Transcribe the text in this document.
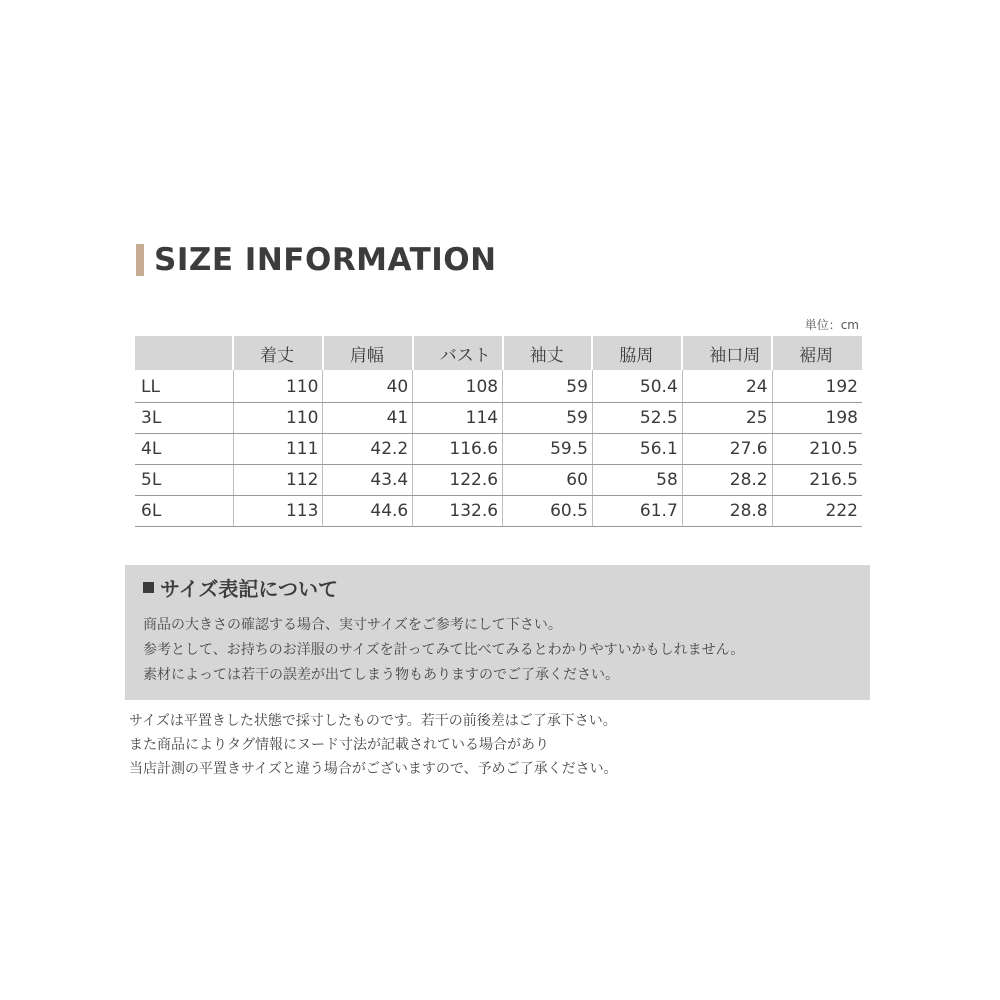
SIZE INFORMATION
単位：cm
	着丈	肩幅	バスト	袖丈	脇周	袖口周	裾周
LL	110	40	108	59	50.4	24	192
3L	110	41	114	59	52.5	25	198
4L	111	42.2	116.6	59.5	56.1	27.6	210.5
5L	112	43.4	122.6	60	58	28.2	216.5
6L	113	44.6	132.6	60.5	61.7	28.8	222
サイズ表記について
商品の大きさの確認する場合、実寸サイズをご参考にして下さい。
参考として、お持ちのお洋服のサイズを計ってみて比べてみるとわかりやすいかもしれません。
素材によっては若干の誤差が出てしまう物もありますのでご了承ください。
サイズは平置きした状態で採寸したものです。若干の前後差はご了承下さい。
また商品によりタグ情報にヌード寸法が記載されている場合があり
当店計測の平置きサイズと違う場合がございますので、予めご了承ください。
